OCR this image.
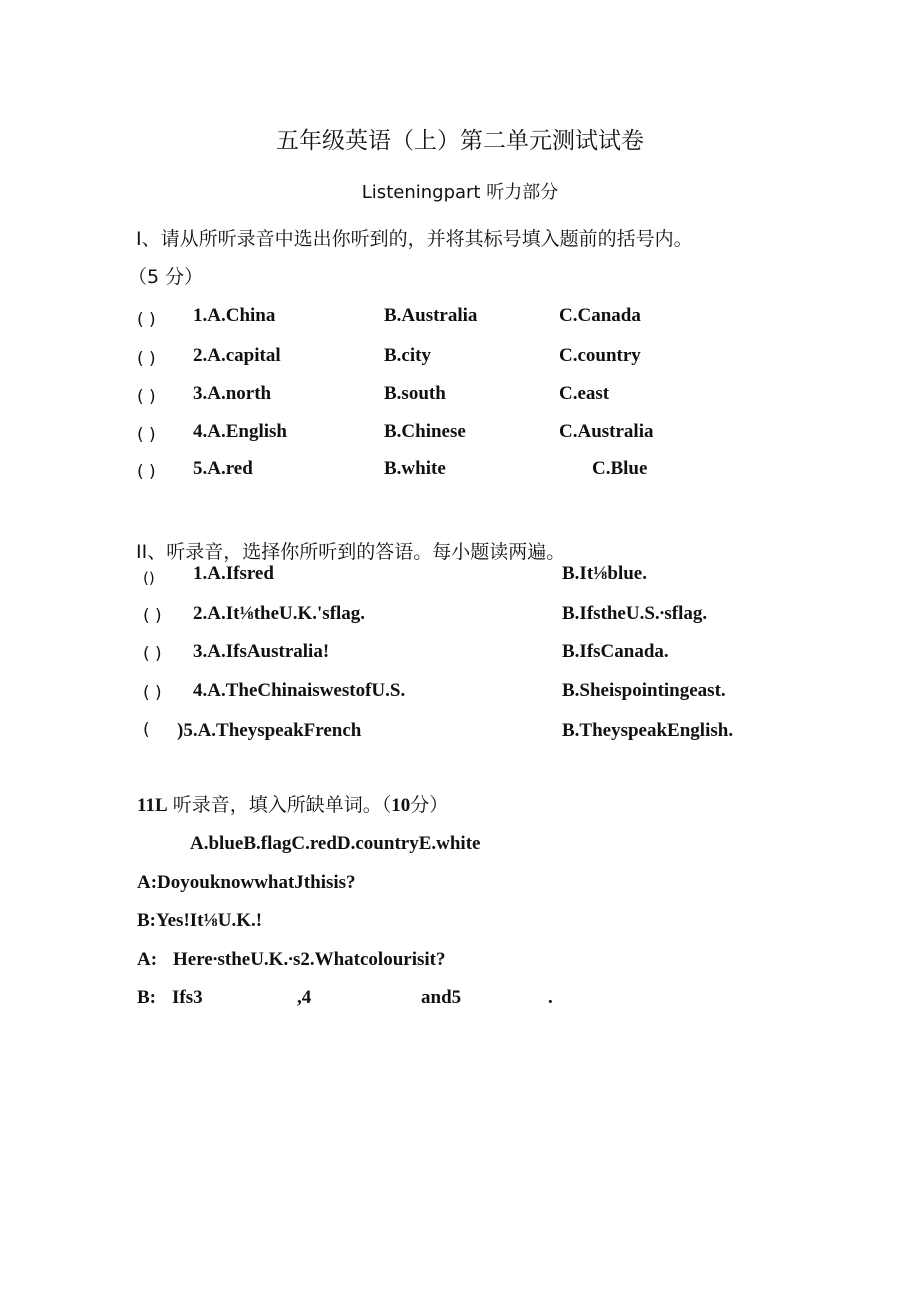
五年级英语（上）第二单元测试试卷
Listeningpart 听力部分
I、请从所听录音中选出你听到的，并将其标号填入题前的括号内。
（5 分）
( ) 1.A.China	B.Australia	C.Canada
( ) 2.A.capital	B.city	C.country
( ) 3.A.north	B.south	C.east
( ) 4.A.English	B.Chinese	C.Australia
( ) 5.A.red	B.white	C.Blue
II、听录音，选择你所听到的答语。每小题读两遍。
() 1.A.Ifsred	B.It⅛blue.
( ) 2.A.It⅛theU.K.'sflag.	B.IfstheU.S.∙sflag.
( ) 3.A.IfsAustralia!	B.IfsCanada.
( ) 4.A.TheChinaiswestofU.S.	B.Sheispointingeast.
( )5.A.TheyspeakFrench	B.TheyspeakEnglish.
11L 听录音，填入所缺单词。（10分）
A.blueB.flagC.redD.countryE.white
A:DoyouknowwhatJthisis?
B:Yes!It⅛U.K.!
A: Here∙stheU.K.∙s2.Whatcolourisit?
B: Ifs3	,4	and5	.
